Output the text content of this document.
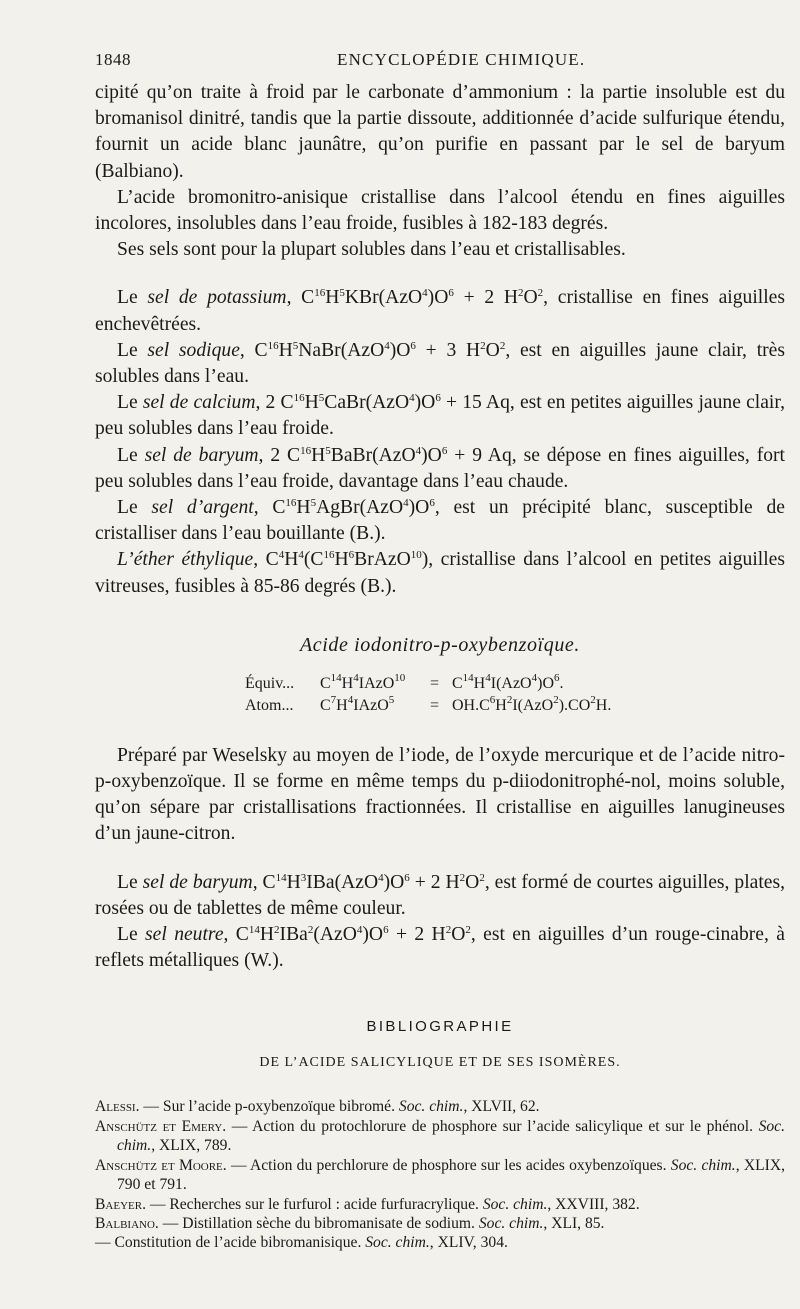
1848	ENCYCLOPÉDIE CHIMIQUE.

cipité qu’on traite à froid par le carbonate d’ammonium : la partie insoluble est du bromanisol dinitré, tandis que la partie dissoute, additionnée d’acide sulfurique étendu, fournit un acide blanc jaunâtre, qu’on purifie en passant par le sel de baryum (Balbiano).

L’acide bromonitro-anisique cristallise dans l’alcool étendu en fines aiguilles incolores, insolubles dans l’eau froide, fusibles à 182-183 degrés.

Ses sels sont pour la plupart solubles dans l’eau et cristallisables.

Le sel de potassium, $C^{16}H^5KBr(AzO^4)O^6 + 2$ $H^2O^2$, cristallise en fines aiguilles enchevêtrées.

Le sel sodique, $C^{16}H^5NaBr(AzO^4)O^6 + 3$ $H^2O^2$, est en aiguilles jaune clair, très solubles dans l’eau.

Le sel de calcium, 2 $C^{16}H^5CaBr(AzO^4)O^6 + 15$ Aq, est en petites aiguilles jaune clair, peu solubles dans l’eau froide.

Le sel de baryum, 2 $C^{16}H^5BaBr(AzO^4)O^6 + 9$ Aq, se dépose en fines aiguilles, fort peu solubles dans l’eau froide, davantage dans l’eau chaude.

Le sel d’argent, $C^{16}H^5AgBr(AzO^4)O^6$, est un précipité blanc, susceptible de cristalliser dans l’eau bouillante (B.).

L’éther éthylique, $C^4H^4(C^{16}H^6BrAzO^{10})$, cristallise dans l’alcool en petites aiguilles vitreuses, fusibles à 85-86 degrés (B.).

Acide iodonitro-p-oxybenzoïque.
Équiv...	$C^{14}H^4IAzO^{10}$	= $C^{14}H^4I(AzO^4)O^6$.
Atom...	$C^7H^4IAzO^5$	= $OH.C^6H^2I(AzO^2).CO^2H$.

Préparé par Weselsky au moyen de l’iode, de l’oxyde mercurique et de l’acide nitro-p-oxybenzoïque. Il se forme en même temps du p-diiodonitrophé-nol, moins soluble, qu’on sépare par cristallisations fractionnées. Il cristallise en aiguilles lanugineuses d’un jaune-citron.

Le sel de baryum, $C^{14}H^3IBa(AzO^4)O^6 + 2$ $H^2O^2$, est formé de courtes aiguilles, plates, rosées ou de tablettes de même couleur.

Le sel neutre, $C^{14}H^2IBa^2(AzO^4)O^6 + 2$ $H^2O^2$, est en aiguilles d’un rouge-cinabre, à reflets métalliques (W.).

BIBLIOGRAPHIE
DE L’ACIDE SALICYLIQUE ET DE SES ISOMÈRES.

Alessi. — Sur l’acide p-oxybenzoïque bibromé. Soc. chim., XLVII, 62.

Anschütz et Emery. — Action du protochlorure de phosphore sur l’acide salicylique et sur le phénol. Soc. chim., XLIX, 789.

Anschütz et Moore. — Action du perchlorure de phosphore sur les acides oxybenzoïques. Soc. chim., XLIX, 790 et 791.

Baeyer. — Recherches sur le furfurol : acide furfuracrylique. Soc. chim., XXVIII, 382.

Balbiano. — Distillation sèche du bibromanisate de sodium. Soc. chim., XLI, 85.

— Constitution de l’acide bibromanisique. Soc. chim., XLIV, 304.
